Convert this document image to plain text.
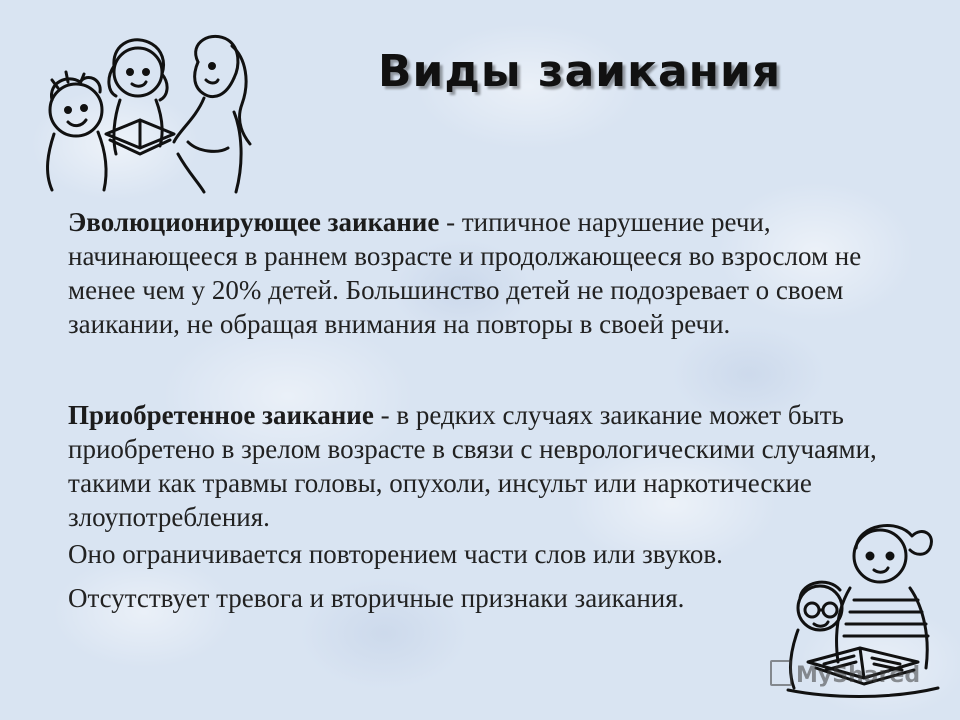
Виды заикания

Эволюционирующее заикание - типичное нарушение речи, начинающееся в раннем возрасте и продолжающееся во взрослом не менее чем у 20% детей. Большинство детей не подозревает о своем заикании, не обращая внимания на повторы в своей речи.

Приобретенное заикание - в редких случаях заикание может быть приобретено в зрелом возрасте в связи с неврологическими случаями, такими как травмы головы, опухоли, инсульт или наркотические злоупотребления.

Оно ограничивается повторением части слов или звуков. Отсутствует тревога и вторичные признаки заикания.

MyShared
